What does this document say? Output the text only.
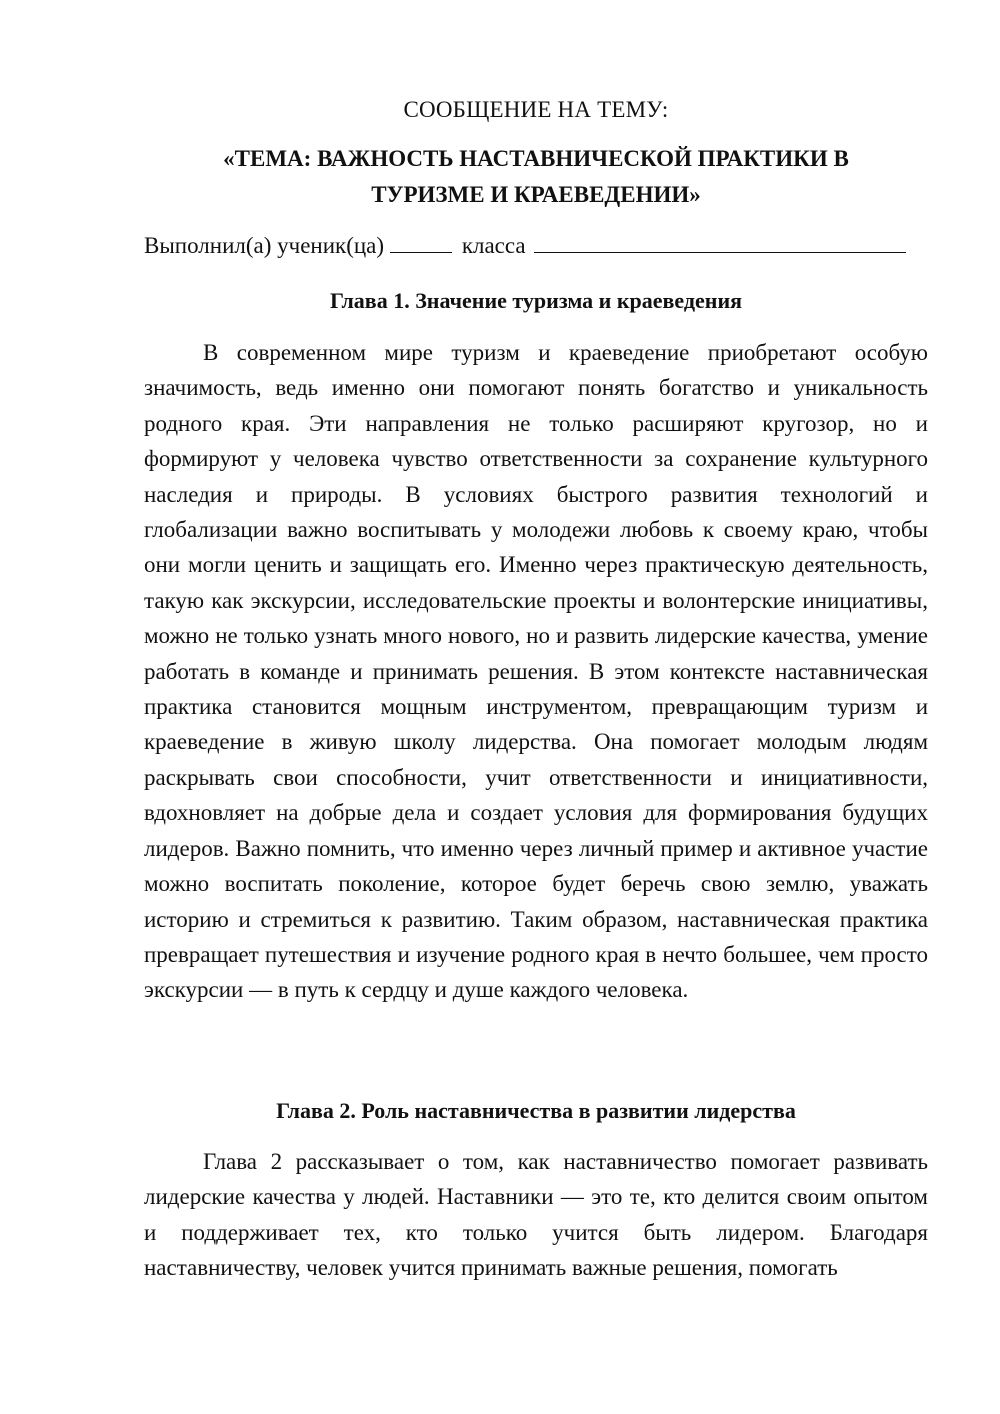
СООБЩЕНИЕ НА ТЕМУ:
«ТЕМА: ВАЖНОСТЬ НАСТАВНИЧЕСКОЙ ПРАКТИКИ В ТУРИЗМЕ И КРАЕВЕДЕНИИ»
Выполнил(а) ученик(ца)	класса
Глава 1. Значение туризма и краеведения
В современном мире туризм и краеведение приобретают особую значимость, ведь именно они помогают понять богатство и уникальность родного края. Эти направления не только расширяют кругозор, но и формируют у человека чувство ответственности за сохранение культурного наследия и природы. В условиях быстрого развития технологий и глобализации важно воспитывать у молодежи любовь к своему краю, чтобы они могли ценить и защищать его. Именно через практическую деятельность, такую как экскурсии, исследовательские проекты и волонтерские инициативы, можно не только узнать много нового, но и развить лидерские качества, умение работать в команде и принимать решения. В этом контексте наставническая практика становится мощным инструментом, превращающим туризм и краеведение в живую школу лидерства. Она помогает молодым людям раскрывать свои способности, учит ответственности и инициативности, вдохновляет на добрые дела и создает условия для формирования будущих лидеров. Важно помнить, что именно через личный пример и активное участие можно воспитать поколение, которое будет беречь свою землю, уважать историю и стремиться к развитию. Таким образом, наставническая практика превращает путешествия и изучение родного края в нечто большее, чем просто экскурсии — в путь к сердцу и душе каждого человека.
Глава 2. Роль наставничества в развитии лидерства
Глава 2 рассказывает о том, как наставничество помогает развивать лидерские качества у людей. Наставники — это те, кто делится своим опытом и поддерживает тех, кто только учится быть лидером. Благодаря наставничеству, человек учится принимать важные решения, помогать
